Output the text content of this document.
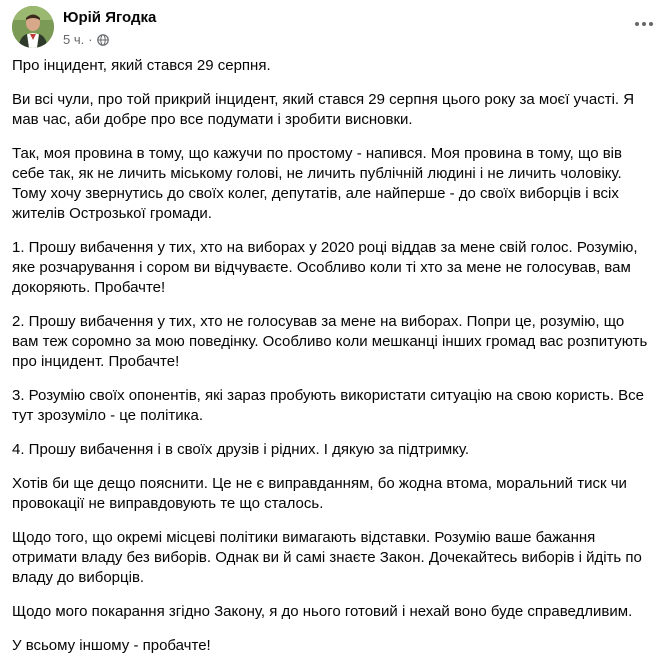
Юрій Ягодка
5 ч. ·

Про інцидент, який стався 29 серпня.

Ви всі чули, про той прикрий інцидент, який стався 29 серпня цього року за моєї участі. Я мав час, аби добре про все подумати і зробити висновки.

Так, моя провина в тому, що кажучи по простому - напився. Моя провина в тому, що вів себе так, як не личить міському голові, не личить публічній людині і не личить чоловіку. Тому хочу звернутись до своїх колег, депутатів, але найперше - до своїх виборців і всіх жителів Острозької громади.

1. Прошу вибачення у тих, хто на виборах у 2020 році віддав за мене свій голос. Розумію, яке розчарування і сором ви відчуваєте. Особливо коли ті хто за мене не голосував, вам докоряють. Пробачте!

2. Прошу вибачення у тих, хто не голосував за мене на виборах. Попри це, розумію, що вам теж соромно за мою поведінку. Особливо коли мешканці інших громад вас розпитують про інцидент. Пробачте!

3. Розумію своїх опонентів, які зараз пробують використати ситуацію на свою користь. Все тут зрозуміло - це політика.

4. Прошу вибачення і в своїх друзів і рідних. І дякую за підтримку.

Хотів би ще дещо пояснити. Це не є виправданням, бо жодна втома, моральний тиск чи провокації не виправдовують те що сталось.

Щодо того, що окремі місцеві політики вимагають відставки. Розумію ваше бажання отримати владу без виборів. Однак ви й самі знаєте Закон. Дочекайтесь виборів і йдіть по владу до виборців.

Щодо мого покарання згідно Закону, я до нього готовий і нехай воно буде справедливим.

У всьому іншому - пробачте!
